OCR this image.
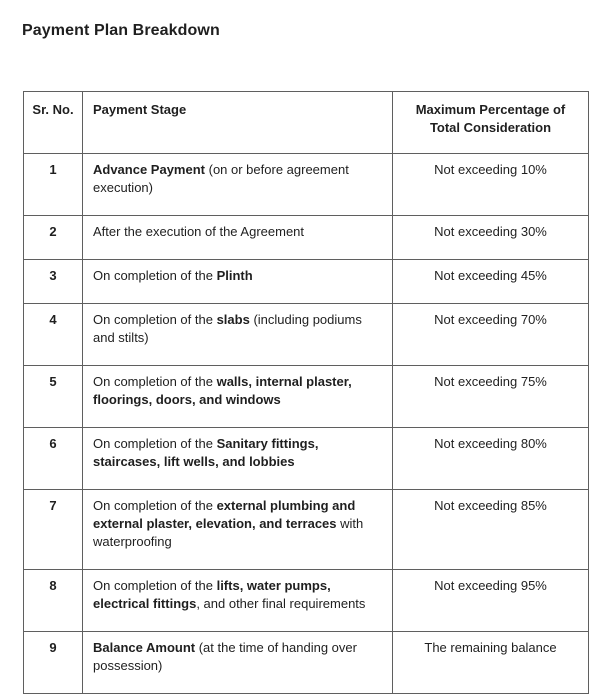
Payment Plan Breakdown
Sr. No.	Payment Stage	Maximum Percentage of Total Consideration
1	Advance Payment (on or before agreement execution)	Not exceeding 10%
2	After the execution of the Agreement	Not exceeding 30%
3	On completion of the Plinth	Not exceeding 45%
4	On completion of the slabs (including podiums and stilts)	Not exceeding 70%
5	On completion of the walls, internal plaster, floorings, doors, and windows	Not exceeding 75%
6	On completion of the Sanitary fittings, staircases, lift wells, and lobbies	Not exceeding 80%
7	On completion of the external plumbing and external plaster, elevation, and terraces with waterproofing	Not exceeding 85%
8	On completion of the lifts, water pumps, electrical fittings, and other final requirements	Not exceeding 95%
9	Balance Amount (at the time of handing over possession)	The remaining balance
